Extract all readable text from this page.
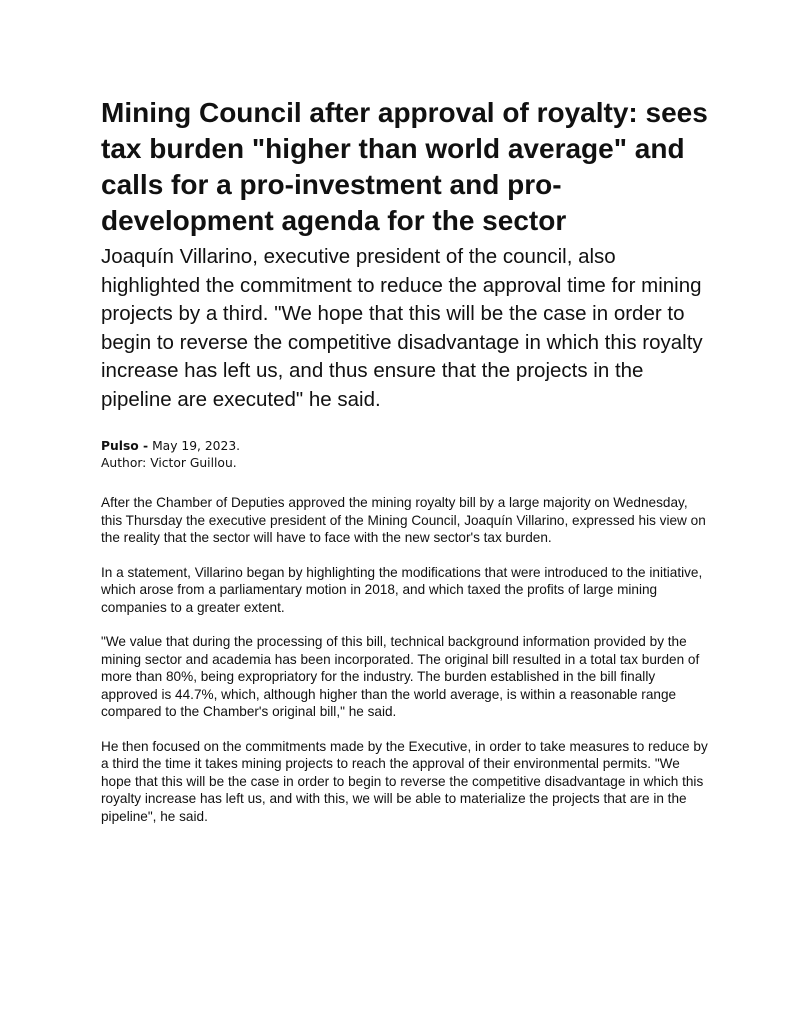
Mining Council after approval of royalty: sees tax burden "higher than world average" and calls for a pro-investment and pro-development agenda for the sector
Joaquín Villarino, executive president of the council, also highlighted the commitment to reduce the approval time for mining projects by a third. "We hope that this will be the case in order to begin to reverse the competitive disadvantage in which this royalty increase has left us, and thus ensure that the projects in the pipeline are executed" he said.
Pulso - May 19, 2023.
Author: Victor Guillou.

After the Chamber of Deputies approved the mining royalty bill by a large majority on Wednesday, this Thursday the executive president of the Mining Council, Joaquín Villarino, expressed his view on the reality that the sector will have to face with the new sector's tax burden.

In a statement, Villarino began by highlighting the modifications that were introduced to the initiative, which arose from a parliamentary motion in 2018, and which taxed the profits of large mining companies to a greater extent.

"We value that during the processing of this bill, technical background information provided by the mining sector and academia has been incorporated. The original bill resulted in a total tax burden of more than 80%, being expropriatory for the industry. The burden established in the bill finally approved is 44.7%, which, although higher than the world average, is within a reasonable range compared to the Chamber's original bill," he said.

He then focused on the commitments made by the Executive, in order to take measures to reduce by a third the time it takes mining projects to reach the approval of their environmental permits. "We hope that this will be the case in order to begin to reverse the competitive disadvantage in which this royalty increase has left us, and with this, we will be able to materialize the projects that are in the pipeline", he said.
